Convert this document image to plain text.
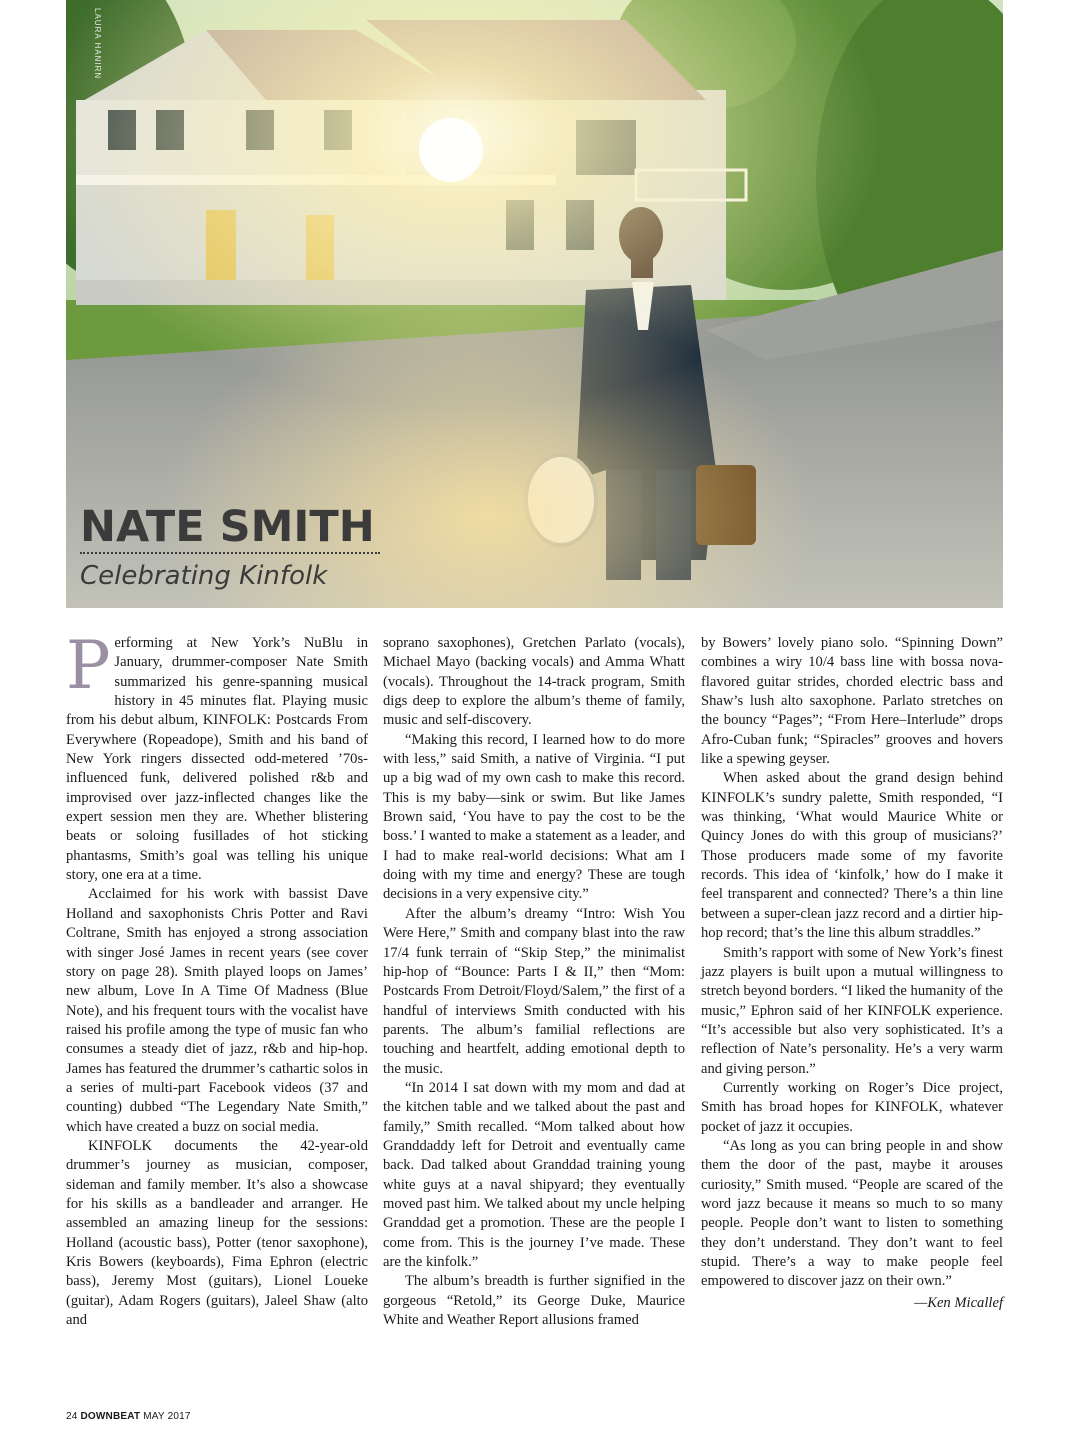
LAURA HANIRN
NATE SMITH
Celebrating Kinfolk

Performing at New York’s NuBlu in January, drummer-composer Nate Smith summarized his genre-spanning musical history in 45 minutes flat. Playing music from his debut album, KINFOLK: Postcards From Everywhere (Ropeadope), Smith and his band of New York ringers dissected odd-metered ’70s-influenced funk, delivered polished r&b and improvised over jazz-inflected changes like the expert session men they are. Whether blistering beats or soloing fusillades of hot sticking phantasms, Smith’s goal was telling his unique story, one era at a time.

Acclaimed for his work with bassist Dave Holland and saxophonists Chris Potter and Ravi Coltrane, Smith has enjoyed a strong association with singer José James in recent years (see cover story on page 28). Smith played loops on James’ new album, Love In A Time Of Madness (Blue Note), and his frequent tours with the vocalist have raised his profile among the type of music fan who consumes a steady diet of jazz, r&b and hip-hop. James has featured the drummer’s cathartic solos in a series of multi-part Facebook videos (37 and counting) dubbed “The Legendary Nate Smith,” which have created a buzz on social media.

KINFOLK documents the 42-year-old drummer’s journey as musician, composer, sideman and family member. It’s also a showcase for his skills as a bandleader and arranger. He assembled an amazing lineup for the sessions: Holland (acoustic bass), Potter (tenor saxophone), Kris Bowers (keyboards), Fima Ephron (electric bass), Jeremy Most (guitars), Lionel Loueke (guitar), Adam Rogers (guitars), Jaleel Shaw (alto and

soprano saxophones), Gretchen Parlato (vocals), Michael Mayo (backing vocals) and Amma Whatt (vocals). Throughout the 14-track program, Smith digs deep to explore the album’s theme of family, music and self-discovery.

“Making this record, I learned how to do more with less,” said Smith, a native of Virginia. “I put up a big wad of my own cash to make this record. This is my baby—sink or swim. But like James Brown said, ‘You have to pay the cost to be the boss.’ I wanted to make a statement as a leader, and I had to make real-world decisions: What am I doing with my time and energy? These are tough decisions in a very expensive city.”

After the album’s dreamy “Intro: Wish You Were Here,” Smith and company blast into the raw 17/4 funk terrain of “Skip Step,” the minimalist hip-hop of “Bounce: Parts I & II,” then “Mom: Postcards From Detroit/Floyd/Salem,” the first of a handful of interviews Smith conducted with his parents. The album’s familial reflections are touching and heartfelt, adding emotional depth to the music.

“In 2014 I sat down with my mom and dad at the kitchen table and we talked about the past and family,” Smith recalled. “Mom talked about how Granddaddy left for Detroit and eventually came back. Dad talked about Granddad training young white guys at a naval shipyard; they eventually moved past him. We talked about my uncle helping Granddad get a promotion. These are the people I come from. This is the journey I’ve made. These are the kinfolk.”

The album’s breadth is further signified in the gorgeous “Retold,” its George Duke, Maurice White and Weather Report allusions framed

by Bowers’ lovely piano solo. “Spinning Down” combines a wiry 10/4 bass line with bossa nova-flavored guitar strides, chorded electric bass and Shaw’s lush alto saxophone. Parlato stretches on the bouncy “Pages”; “From Here–Interlude” drops Afro-Cuban funk; “Spiracles” grooves and hovers like a spewing geyser.

When asked about the grand design behind KINFOLK’s sundry palette, Smith responded, “I was thinking, ‘What would Maurice White or Quincy Jones do with this group of musicians?’ Those producers made some of my favorite records. This idea of ‘kinfolk,’ how do I make it feel transparent and connected? There’s a thin line between a super-clean jazz record and a dirtier hip-hop record; that’s the line this album straddles.”

Smith’s rapport with some of New York’s finest jazz players is built upon a mutual willingness to stretch beyond borders. “I liked the humanity of the music,” Ephron said of her KINFOLK experience. “It’s accessible but also very sophisticated. It’s a reflection of Nate’s personality. He’s a very warm and giving person.”

Currently working on Roger’s Dice project, Smith has broad hopes for KINFOLK, whatever pocket of jazz it occupies.

“As long as you can bring people in and show them the door of the past, maybe it arouses curiosity,” Smith mused. “People are scared of the word jazz because it means so much to so many people. People don’t want to listen to something they don’t understand. They don’t want to feel stupid. There’s a way to make people feel empowered to discover jazz on their own.”

—Ken Micallef
24 DOWNBEAT MAY 2017
